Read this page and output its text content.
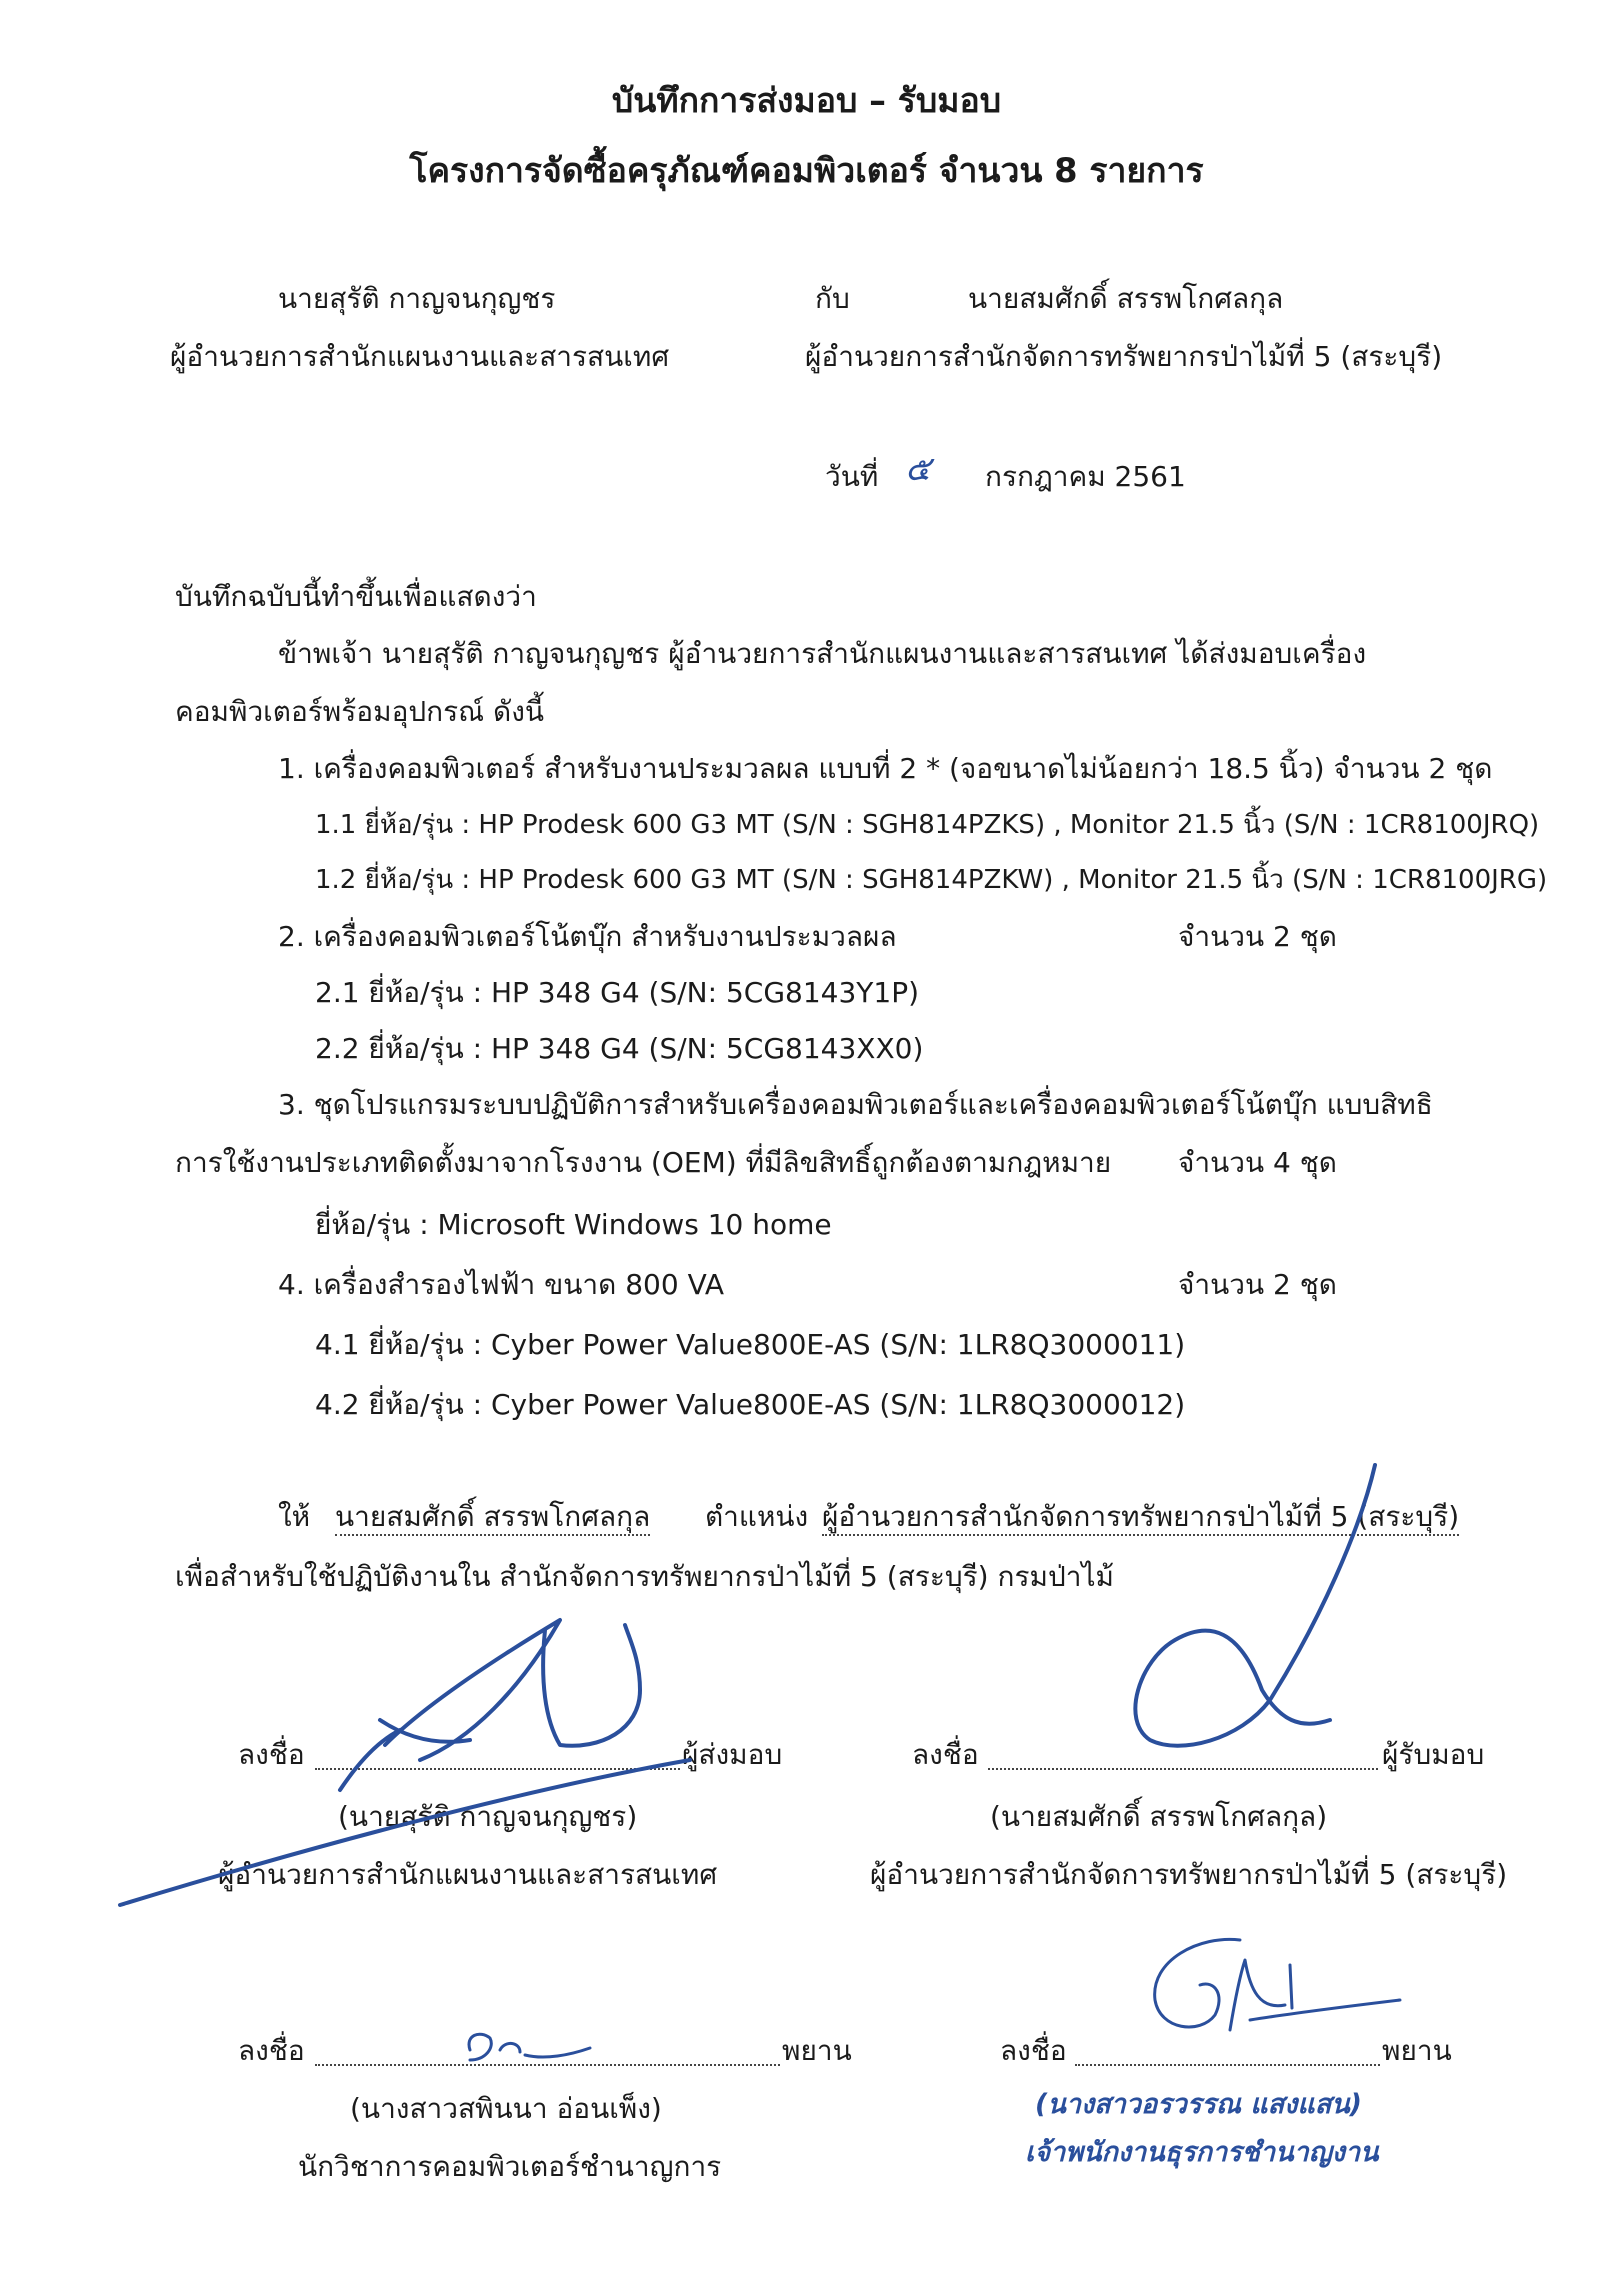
บันทึกการส่งมอบ – รับมอบ
โครงการจัดซื้อครุภัณฑ์คอมพิวเตอร์ จำนวน 8 รายการ
นายสุรัติ กาญจนกุญชร	กับ	นายสมศักดิ์ สรรพโกศลกุล
ผู้อำนวยการสำนักแผนงานและสารสนเทศ	ผู้อำนวยการสำนักจัดการทรัพยากรป่าไม้ที่ 5 (สระบุรี)
วันที่ ๕ กรกฎาคม 2561
บันทึกฉบับนี้ทำขึ้นเพื่อแสดงว่า
ข้าพเจ้า นายสุรัติ กาญจนกุญชร ผู้อำนวยการสำนักแผนงานและสารสนเทศ ได้ส่งมอบเครื่อง
คอมพิวเตอร์พร้อมอุปกรณ์ ดังนี้
1. เครื่องคอมพิวเตอร์ สำหรับงานประมวลผล แบบที่ 2 * (จอขนาดไม่น้อยกว่า 18.5 นิ้ว) จำนวน 2 ชุด
1.1 ยี่ห้อ/รุ่น : HP Prodesk 600 G3 MT (S/N : SGH814PZKS) , Monitor 21.5 นิ้ว (S/N : 1CR8100JRQ)
1.2 ยี่ห้อ/รุ่น : HP Prodesk 600 G3 MT (S/N : SGH814PZKW) , Monitor 21.5 นิ้ว (S/N : 1CR8100JRG)
2. เครื่องคอมพิวเตอร์โน้ตบุ๊ก สำหรับงานประมวลผล	จำนวน 2 ชุด
2.1 ยี่ห้อ/รุ่น : HP 348 G4 (S/N: 5CG8143Y1P)
2.2 ยี่ห้อ/รุ่น : HP 348 G4 (S/N: 5CG8143XX0)
3. ชุดโปรแกรมระบบปฏิบัติการสำหรับเครื่องคอมพิวเตอร์และเครื่องคอมพิวเตอร์โน้ตบุ๊ก แบบสิทธิ
การใช้งานประเภทติดตั้งมาจากโรงงาน (OEM) ที่มีลิขสิทธิ์ถูกต้องตามกฎหมาย จำนวน 4 ชุด
ยี่ห้อ/รุ่น : Microsoft Windows 10 home
4. เครื่องสำรองไฟฟ้า ขนาด 800 VA	จำนวน 2 ชุด
4.1 ยี่ห้อ/รุ่น : Cyber Power Value800E-AS (S/N: 1LR8Q3000011)
4.2 ยี่ห้อ/รุ่น : Cyber Power Value800E-AS (S/N: 1LR8Q3000012)
ให้ นายสมศักดิ์ สรรพโกศลกุล ตำแหน่ง ผู้อำนวยการสำนักจัดการทรัพยากรป่าไม้ที่ 5 (สระบุรี)
เพื่อสำหรับใช้ปฏิบัติงานใน สำนักจัดการทรัพยากรป่าไม้ที่ 5 (สระบุรี) กรมป่าไม้
ลงชื่อ	ผู้ส่งมอบ
(นายสุรัติ กาญจนกุญชร)
ผู้อำนวยการสำนักแผนงานและสารสนเทศ
ลงชื่อ	ผู้รับมอบ
(นายสมศักดิ์ สรรพโกศลกุล)
ผู้อำนวยการสำนักจัดการทรัพยากรป่าไม้ที่ 5 (สระบุรี)
ลงชื่อ	พยาน
(นางสาวสพินนา อ่อนเพ็ง)
นักวิชาการคอมพิวเตอร์ชำนาญการ
ลงชื่อ	พยาน
(นางสาวอรวรรณ แสงแสน)
เจ้าพนักงานธุรการชำนาญงาน
